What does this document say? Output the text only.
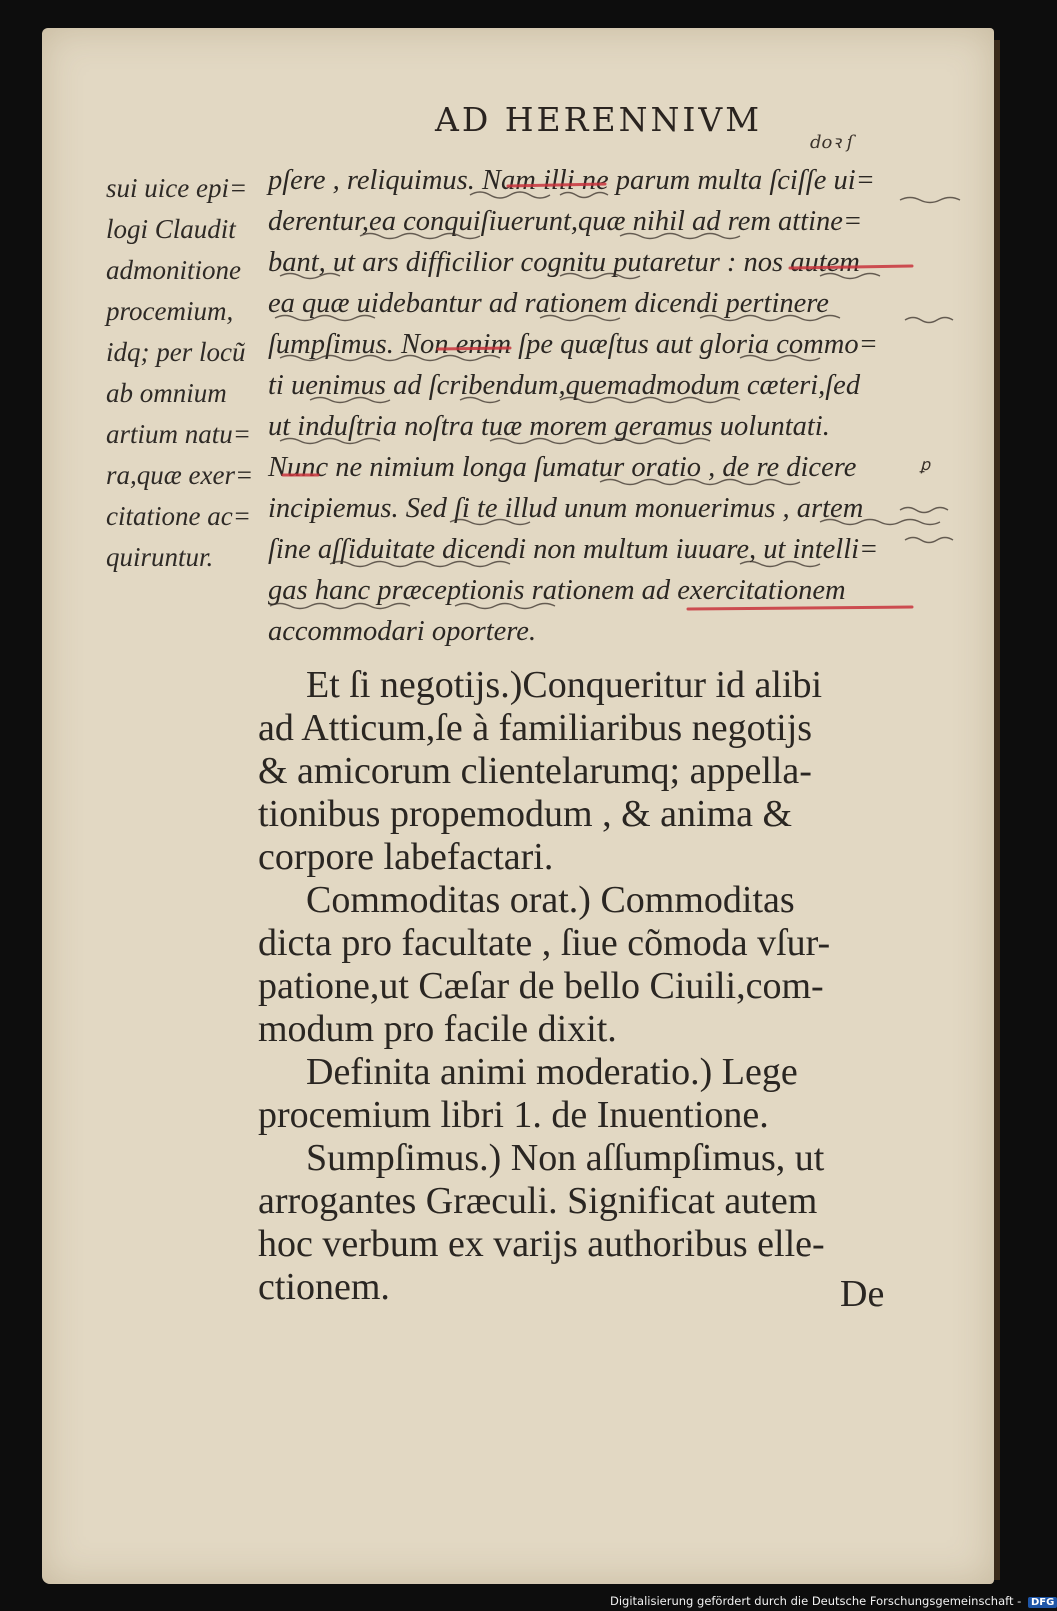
AD HERENNIVM
sui uice epi=
logi Claudit
admonitione
procemium,
idq; per locũ
ab omnium
artium natu=
ra,quæ exer=
citatione ac=
quiruntur.
pſere , reliquimus. Nam illi ne parum multa ſciſſe ui=
derentur,ea conquiſiuerunt,quæ nihil ad rem attine=
bant, ut ars difficilior cognitu putaretur : nos autem
ea quæ uidebantur ad rationem dicendi pertinere
ſumpſimus. Non enim ſpe quæſtus aut gloria commo=
ti uenimus ad ſcribendum,quemadmodum cæteri,ſed
ut induſtria noſtra tuæ morem geramus uoluntati.
Nunc ne nimium longa ſumatur oratio , de re dicere
incipiemus. Sed ſi te illud unum monuerimus , artem
ſine aſſiduitate dicendi non multum iuuare, ut intelli=
gas hanc præceptionis rationem ad exercitationem
accommodari oportere.
doꝛ ſ
ꝑ
Et ſi negotijs.)Conqueritur id alibi
ad Atticum,ſe à familiaribus negotijs
& amicorum clientelarumq; appella-
tionibus propemodum , & anima &
corpore labefactari.
Commoditas orat.) Commoditas
dicta pro facultate , ſiue cõmoda vſur-
patione,ut Cæſar de bello Ciuili,com-
modum pro facile dixit.
Definita animi moderatio.) Lege
procemium libri 1. de Inuentione.
Sumpſimus.) Non aſſumpſimus, ut
arrogantes Græculi. Significat autem
hoc verbum ex varijs authoribus elle-
ctionem.	De
Digitalisierung gefördert durch die Deutsche Forschungsgemeinschaft - DFG
